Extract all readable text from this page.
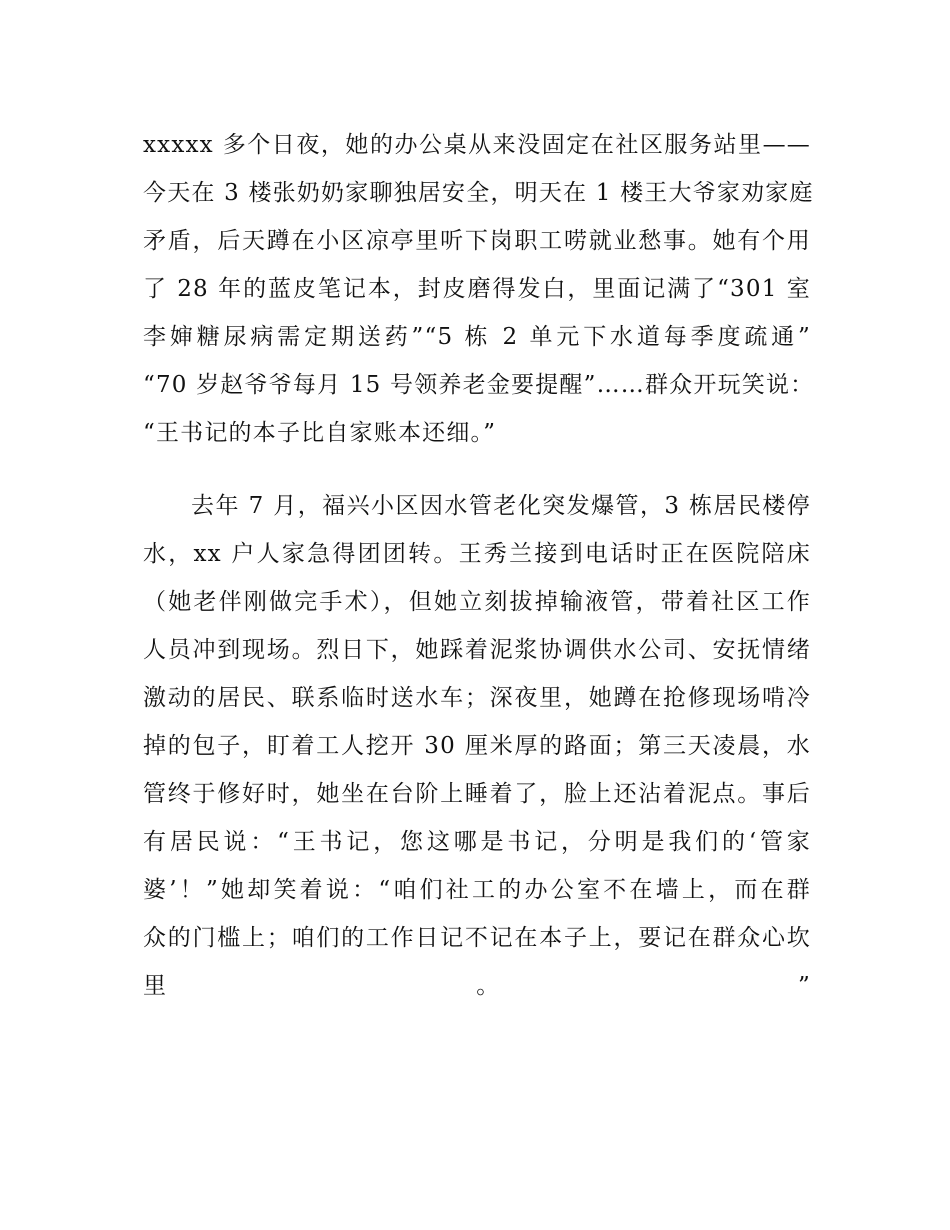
xxxxx 多个日夜，她的办公桌从来没固定在社区服务站里——
今天在 3 楼张奶奶家聊独居安全，明天在 1 楼王大爷家劝家庭
矛盾，后天蹲在小区凉亭里听下岗职工唠就业愁事。她有个用
了 28 年的蓝皮笔记本，封皮磨得发白，里面记满了“301 室
李婶糖尿病需定期送药”“5 栋 2 单元下水道每季度疏通”
“70 岁赵爷爷每月 15 号领养老金要提醒”……群众开玩笑说：
“王书记的本子比自家账本还细。”
去年 7 月，福兴小区因水管老化突发爆管，3 栋居民楼停
水，xx 户人家急得团团转。王秀兰接到电话时正在医院陪床
（她老伴刚做完手术），但她立刻拔掉输液管，带着社区工作
人员冲到现场。烈日下，她踩着泥浆协调供水公司、安抚情绪
激动的居民、联系临时送水车；深夜里，她蹲在抢修现场啃冷
掉的包子，盯着工人挖开 30 厘米厚的路面；第三天凌晨，水
管终于修好时，她坐在台阶上睡着了，脸上还沾着泥点。事后
有居民说：“王书记，您这哪是书记，分明是我们的‘管家
婆’！”她却笑着说：“咱们社工的办公室不在墙上，而在群
众的门槛上；咱们的工作日记不记在本子上，要记在群众心坎
里。”
